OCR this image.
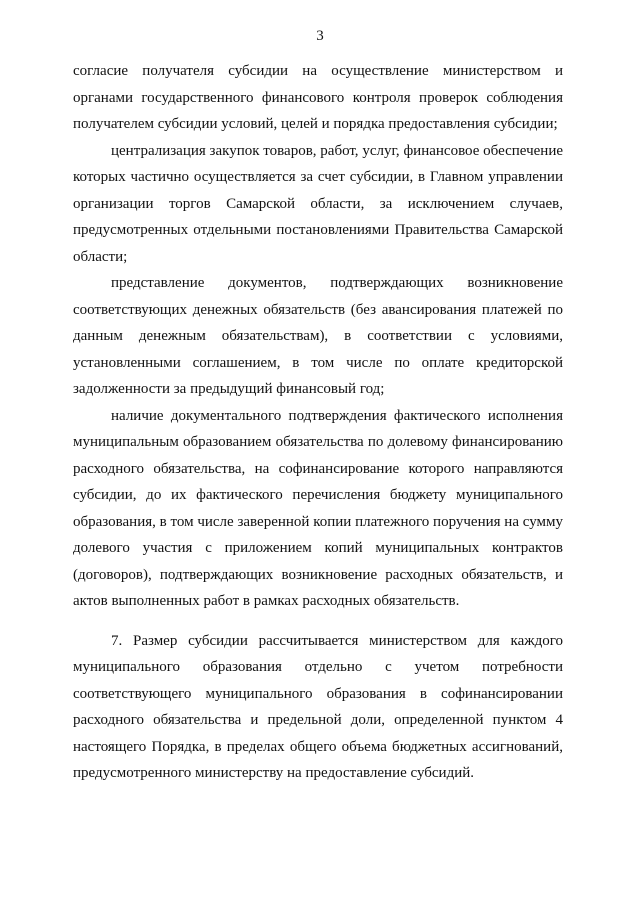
3

согласие получателя субсидии на осуществление министерством и органами государственного финансового контроля проверок соблюдения получателем субсидии условий, целей и порядка предоставления субсидии;

централизация закупок товаров, работ, услуг, финансовое обеспечение которых частично осуществляется за счет субсидии, в Главном управлении организации торгов Самарской области, за исключением случаев, предусмотренных отдельными постановлениями Правительства Самарской области;

представление документов, подтверждающих возникновение соответствующих денежных обязательств (без авансирования платежей по данным денежным обязательствам), в соответствии с условиями, установленными соглашением, в том числе по оплате кредиторской задолженности за предыдущий финансовый год;

наличие документального подтверждения фактического исполнения муниципальным образованием обязательства по долевому финансированию расходного обязательства, на софинансирование которого направляются субсидии, до их фактического перечисления бюджету муниципального образования, в том числе заверенной копии платежного поручения на сумму долевого участия с приложением копий муниципальных контрактов (договоров), подтверждающих возникновение расходных обязательств, и актов выполненных работ в рамках расходных обязательств.

7. Размер субсидии рассчитывается министерством для каждого муниципального образования отдельно с учетом потребности соответствующего муниципального образования в софинансировании расходного обязательства и предельной доли, определенной пунктом 4 настоящего Порядка, в пределах общего объема бюджетных ассигнований, предусмотренного министерству на предоставление субсидий.
